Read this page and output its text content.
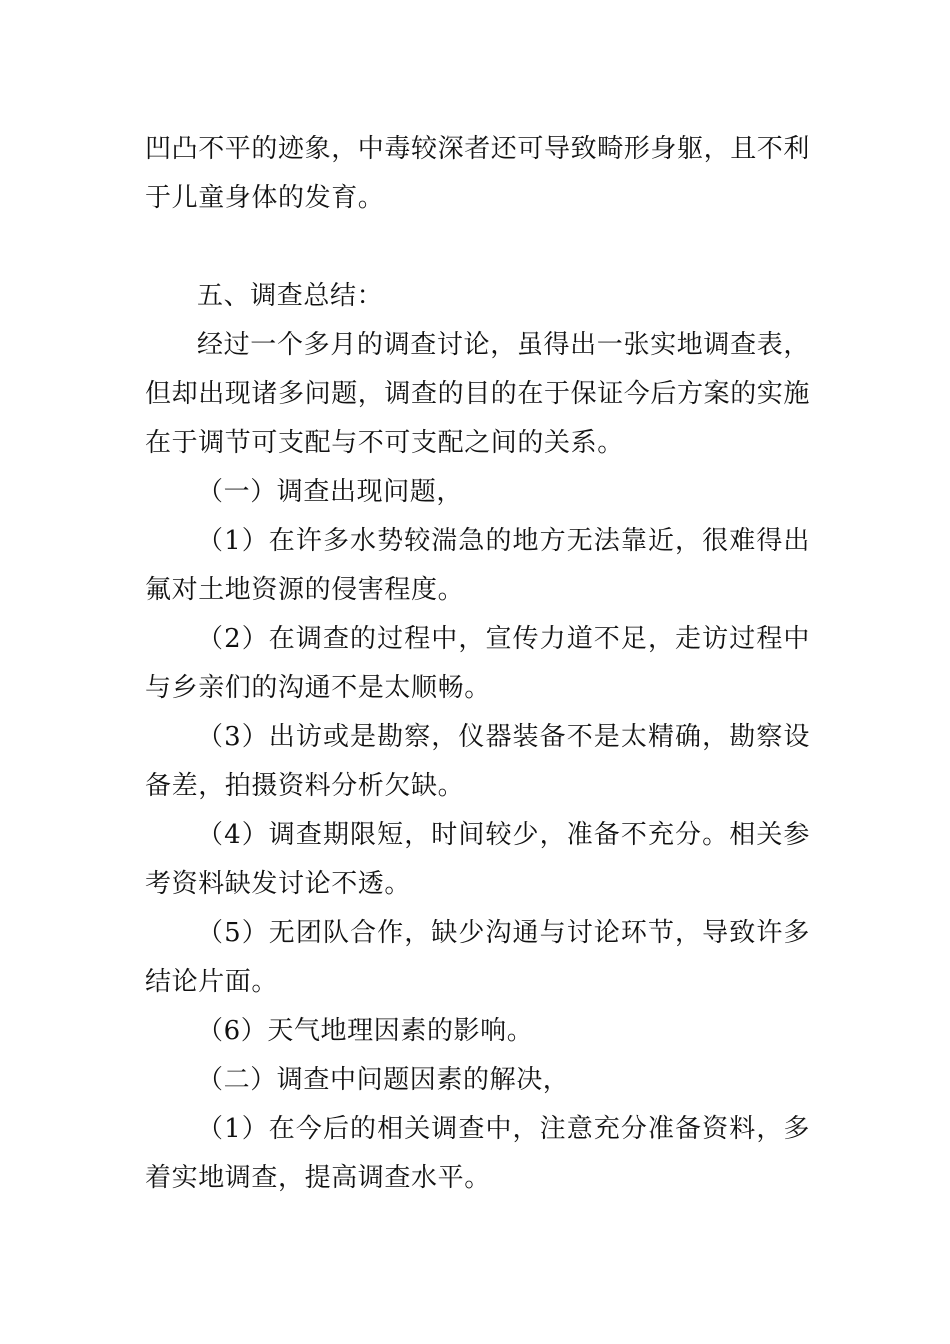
凹凸不平的迹象，中毒较深者还可导致畸形身躯，且不利于儿童身体的发育。

五、调查总结：

经过一个多月的调查讨论，虽得出一张实地调查表，但却出现诸多问题，调查的目的在于保证今后方案的实施在于调节可支配与不可支配之间的关系。

（一）调查出现问题，

（1）在许多水势较湍急的地方无法靠近，很难得出氟对土地资源的侵害程度。

（2）在调查的过程中，宣传力道不足，走访过程中与乡亲们的沟通不是太顺畅。

（3）出访或是勘察，仪器装备不是太精确，勘察设备差，拍摄资料分析欠缺。

（4）调查期限短，时间较少，准备不充分。相关参考资料缺发讨论不透。

（5）无团队合作，缺少沟通与讨论环节，导致许多结论片面。

（6）天气地理因素的影响。

（二）调查中问题因素的解决，

（1）在今后的相关调查中，注意充分准备资料，多着实地调查，提高调查水平。
